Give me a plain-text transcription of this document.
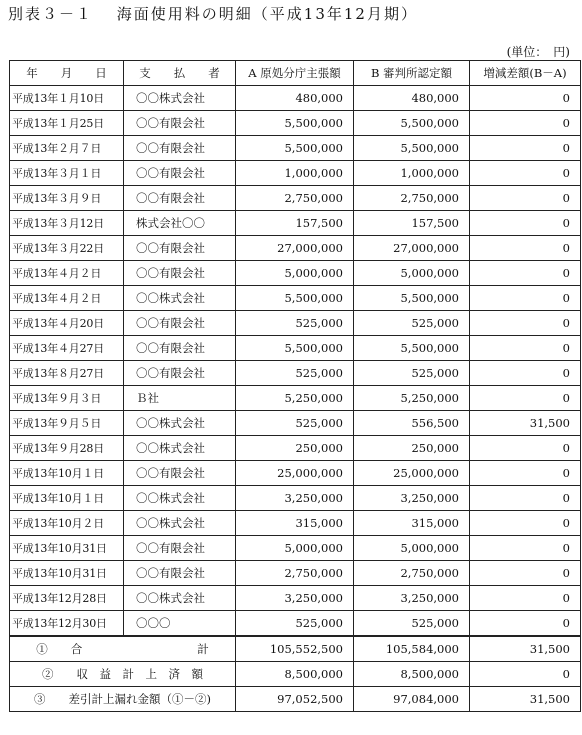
別表３－１　 海面使用料の明細（平成13年12月期）
(単位：　円)
年　　月　　日	支　　払　　者	A 原処分庁主張額	B 審判所認定額	増減差額(B－A)
平成13年１月10日	〇〇株式会社	480,000	480,000	0
平成13年１月25日	〇〇有限会社	5,500,000	5,500,000	0
平成13年２月７日	〇〇有限会社	5,500,000	5,500,000	0
平成13年３月１日	〇〇有限会社	1,000,000	1,000,000	0
平成13年３月９日	〇〇有限会社	2,750,000	2,750,000	0
平成13年３月12日	株式会社〇〇	157,500	157,500	0
平成13年３月22日	〇〇有限会社	27,000,000	27,000,000	0
平成13年４月２日	〇〇有限会社	5,000,000	5,000,000	0
平成13年４月２日	〇〇株式会社	5,500,000	5,500,000	0
平成13年４月20日	〇〇有限会社	525,000	525,000	0
平成13年４月27日	〇〇有限会社	5,500,000	5,500,000	0
平成13年８月27日	〇〇有限会社	525,000	525,000	0
平成13年９月３日	Ｂ社	5,250,000	5,250,000	0
平成13年９月５日	〇〇株式会社	525,000	556,500	31,500
平成13年９月28日	〇〇株式会社	250,000	250,000	0
平成13年10月１日	〇〇有限会社	25,000,000	25,000,000	0
平成13年10月１日	〇〇株式会社	3,250,000	3,250,000	0
平成13年10月２日	〇〇株式会社	315,000	315,000	0
平成13年10月31日	〇〇有限会社	5,000,000	5,000,000	0
平成13年10月31日	〇〇有限会社	2,750,000	2,750,000	0
平成13年12月28日	〇〇株式会社	3,250,000	3,250,000	0
平成13年12月30日	〇〇〇	525,000	525,000	0
①　　合　　　　　　　　　　計		105,552,500	105,584,000	31,500
②　　収　益　計　上　済　額		8,500,000	8,500,000	0
③　　差引計上漏れ金額（①－②)		97,052,500	97,084,000	31,500
